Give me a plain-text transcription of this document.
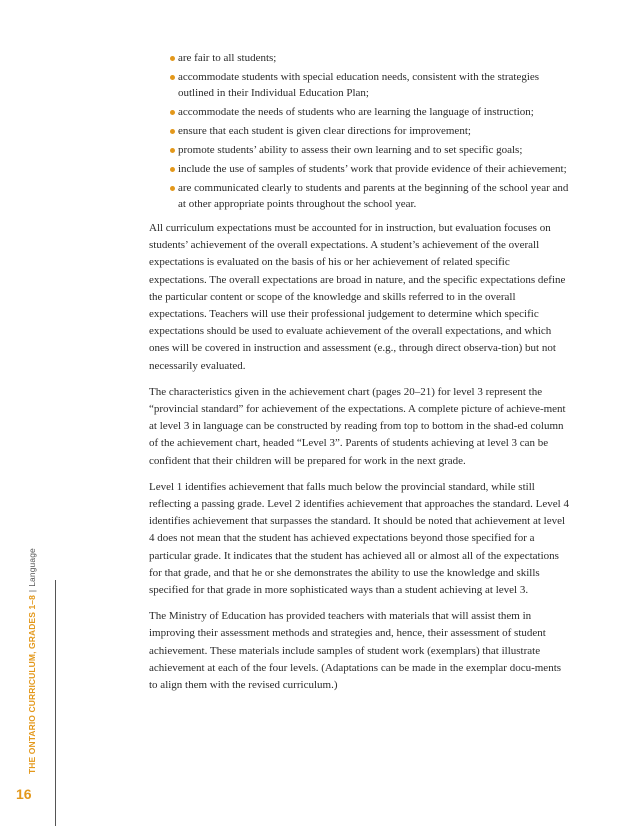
are fair to all students;
accommodate students with special education needs, consistent with the strategies outlined in their Individual Education Plan;
accommodate the needs of students who are learning the language of instruction;
ensure that each student is given clear directions for improvement;
promote students’ ability to assess their own learning and to set specific goals;
include the use of samples of students’ work that provide evidence of their achievement;
are communicated clearly to students and parents at the beginning of the school year and at other appropriate points throughout the school year.

All curriculum expectations must be accounted for in instruction, but evaluation focuses on students’ achievement of the overall expectations. A student’s achievement of the overall expectations is evaluated on the basis of his or her achievement of related specific expectations. The overall expectations are broad in nature, and the specific expectations define the particular content or scope of the knowledge and skills referred to in the overall expectations. Teachers will use their professional judgement to determine which specific expectations should be used to evaluate achievement of the overall expectations, and which ones will be covered in instruction and assessment (e.g., through direct observa-tion) but not necessarily evaluated.

The characteristics given in the achievement chart (pages 20–21) for level 3 represent the “provincial standard” for achievement of the expectations. A complete picture of achieve-ment at level 3 in language can be constructed by reading from top to bottom in the shad-ed column of the achievement chart, headed “Level 3”. Parents of students achieving at level 3 can be confident that their children will be prepared for work in the next grade.

Level 1 identifies achievement that falls much below the provincial standard, while still reflecting a passing grade. Level 2 identifies achievement that approaches the standard. Level 4 identifies achievement that surpasses the standard. It should be noted that achievement at level 4 does not mean that the student has achieved expectations beyond those specified for a particular grade. It indicates that the student has achieved all or almost all of the expectations for that grade, and that he or she demonstrates the ability to use the knowledge and skills specified for that grade in more sophisticated ways than a student achieving at level 3.

The Ministry of Education has provided teachers with materials that will assist them in improving their assessment methods and strategies and, hence, their assessment of student achievement. These materials include samples of student work (exemplars) that illustrate achievement at each of the four levels. (Adaptations can be made in the exemplar docu-ments to align them with the revised curriculum.)

THE ONTARIO CURRICULUM, GRADES 1–8|Language
16
